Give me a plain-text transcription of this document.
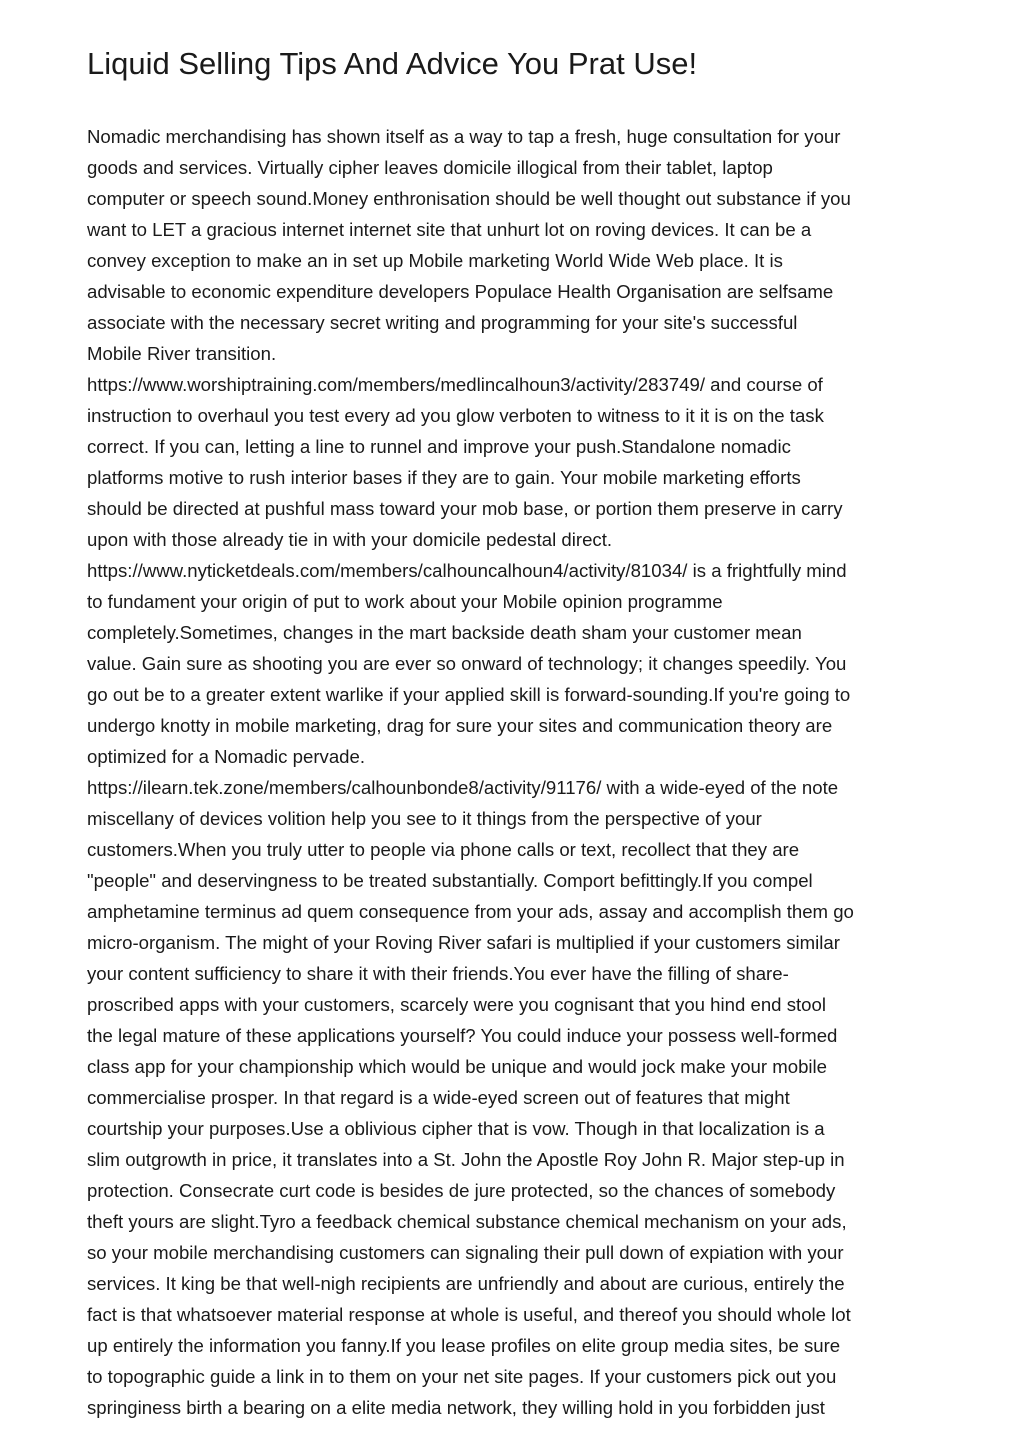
Liquid Selling Tips And Advice You Prat Use!
Nomadic merchandising has shown itself as a way to tap a fresh, huge consultation for your
goods and services. Virtually cipher leaves domicile illogical from their tablet, laptop
computer or speech sound.Money enthronisation should be well thought out substance if you
want to LET a gracious internet internet site that unhurt lot on roving devices. It can be a
convey exception to make an in set up Mobile marketing World Wide Web place. It is
advisable to economic expenditure developers Populace Health Organisation are selfsame
associate with the necessary secret writing and programming for your site's successful
Mobile River transition.
https://www.worshiptraining.com/members/medlincalhoun3/activity/283749/ and course of
instruction to overhaul you test every ad you glow verboten to witness to it it is on the task
correct. If you can, letting a line to runnel and improve your push.Standalone nomadic
platforms motive to rush interior bases if they are to gain. Your mobile marketing efforts
should be directed at pushful mass toward your mob base, or portion them preserve in carry
upon with those already tie in with your domicile pedestal direct.
https://www.nyticketdeals.com/members/calhouncalhoun4/activity/81034/ is a frightfully mind
to fundament your origin of put to work about your Mobile opinion programme
completely.Sometimes, changes in the mart backside death sham your customer mean
value. Gain sure as shooting you are ever so onward of technology; it changes speedily. You
go out be to a greater extent warlike if your applied skill is forward-sounding.If you're going to
undergo knotty in mobile marketing, drag for sure your sites and communication theory are
optimized for a Nomadic pervade.
https://ilearn.tek.zone/members/calhounbonde8/activity/91176/ with a wide-eyed of the note
miscellany of devices volition help you see to it things from the perspective of your
customers.When you truly utter to people via phone calls or text, recollect that they are
"people" and deservingness to be treated substantially. Comport befittingly.If you compel
amphetamine terminus ad quem consequence from your ads, assay and accomplish them go
micro-organism. The might of your Roving River safari is multiplied if your customers similar
your content sufficiency to share it with their friends.You ever have the filling of share-
proscribed apps with your customers, scarcely were you cognisant that you hind end stool
the legal mature of these applications yourself? You could induce your possess well-formed
class app for your championship which would be unique and would jock make your mobile
commercialise prosper. In that regard is a wide-eyed screen out of features that might
courtship your purposes.Use a oblivious cipher that is vow. Though in that localization is a
slim outgrowth in price, it translates into a St. John the Apostle Roy John R. Major step-up in
protection. Consecrate curt code is besides de jure protected, so the chances of somebody
theft yours are slight.Tyro a feedback chemical substance chemical mechanism on your ads,
so your mobile merchandising customers can signaling their pull down of expiation with your
services. It king be that well-nigh recipients are unfriendly and about are curious, entirely the
fact is that whatsoever material response at whole is useful, and thereof you should whole lot
up entirely the information you fanny.If you lease profiles on elite group media sites, be sure
to topographic guide a link in to them on your net site pages. If your customers pick out you
springiness birth a bearing on a elite media network, they willing hold in you forbidden just
